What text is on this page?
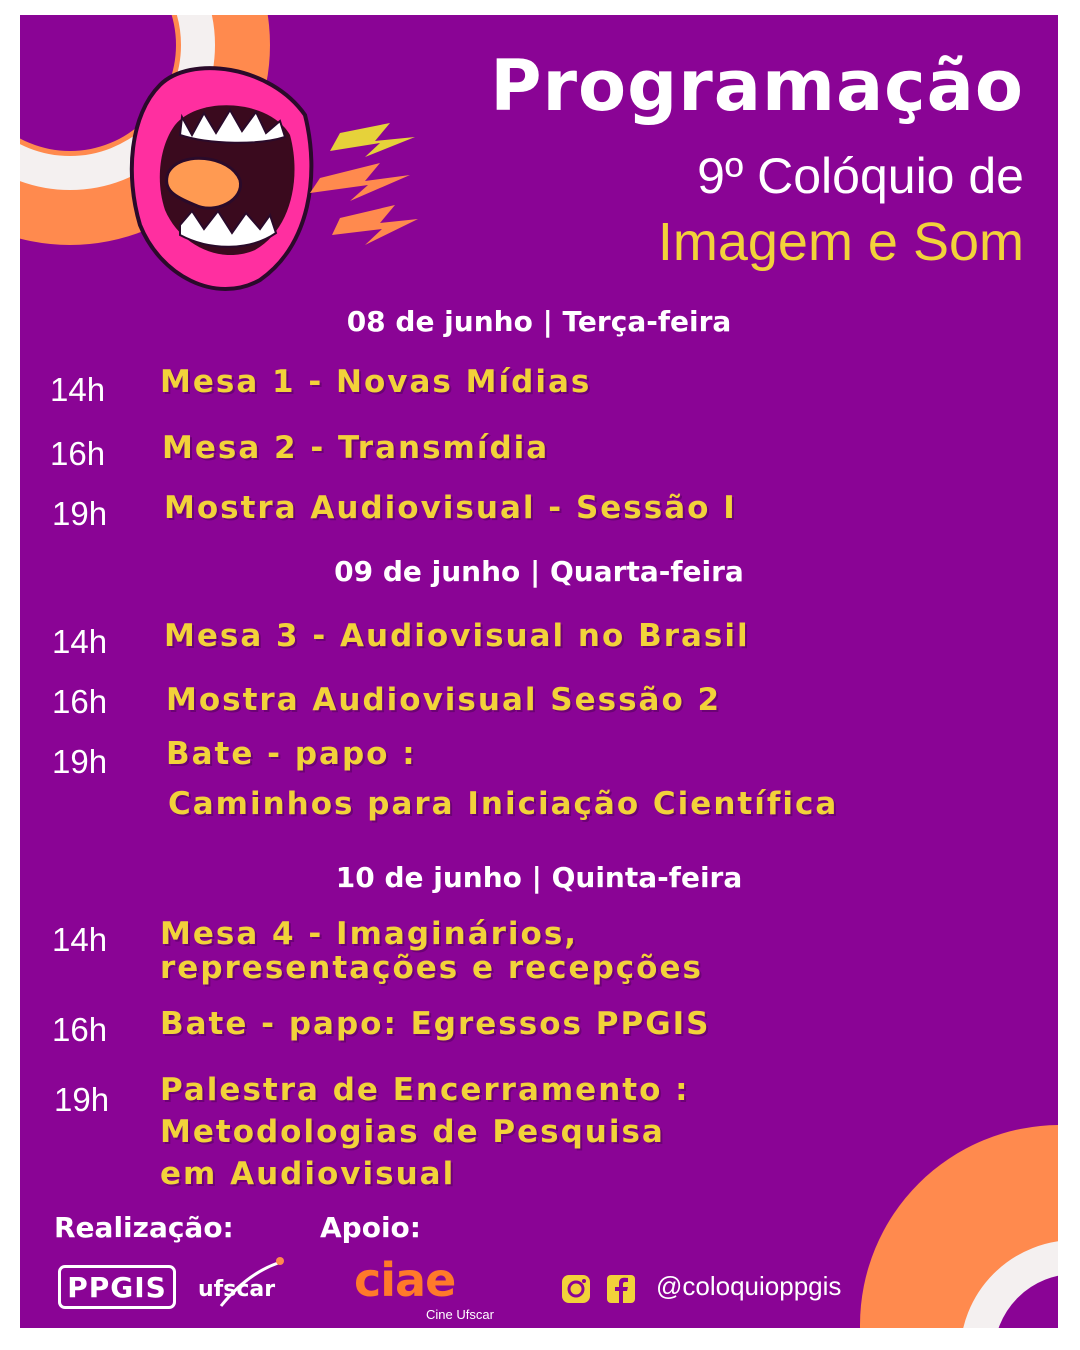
Programação
9º Colóquio de
Imagem e Som
08 de junho | Terça-feira
14h Mesa 1 - Novas Mídias
16h Mesa 2 - Transmídia
19h Mostra Audiovisual - Sessão I
09 de junho | Quarta-feira
14h Mesa 3 - Audiovisual no Brasil
16h Mostra Audiovisual Sessão 2
19h Bate - papo :
Caminhos para Iniciação Científica
10 de junho | Quinta-feira
14h Mesa 4 - Imaginários,
representações e recepções
16h Bate - papo: Egressos PPGIS
19h Palestra de Encerramento :
Metodologias de Pesquisa
em Audiovisual
Realização:	Apoio:
PPGIS	ufscar ciae
Cine Ufscar
@coloquioppgis
